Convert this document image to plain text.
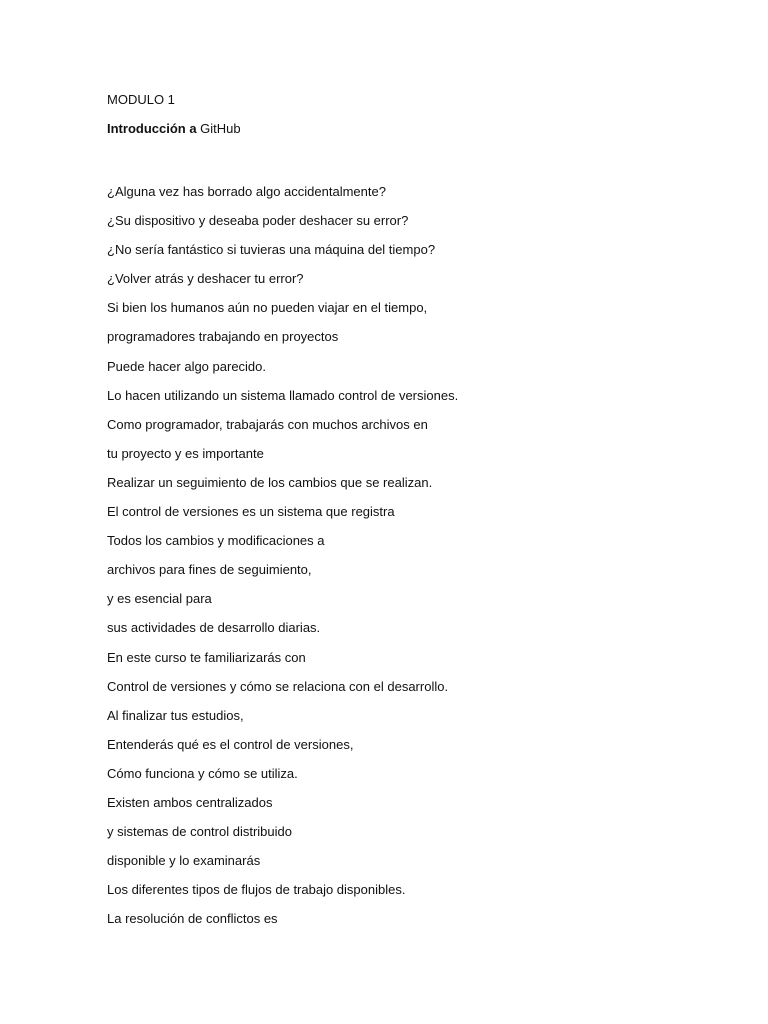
MODULO 1
Introducción a GitHub
¿Alguna vez has borrado algo accidentalmente?
¿Su dispositivo y deseaba poder deshacer su error?
¿No sería fantástico si tuvieras una máquina del tiempo?
¿Volver atrás y deshacer tu error?
Si bien los humanos aún no pueden viajar en el tiempo,
programadores trabajando en proyectos
Puede hacer algo parecido.
Lo hacen utilizando un sistema llamado control de versiones.
Como programador, trabajarás con muchos archivos en
tu proyecto y es importante
Realizar un seguimiento de los cambios que se realizan.
El control de versiones es un sistema que registra
Todos los cambios y modificaciones a
archivos para fines de seguimiento,
y es esencial para
sus actividades de desarrollo diarias.
En este curso te familiarizarás con
Control de versiones y cómo se relaciona con el desarrollo.
Al finalizar tus estudios,
Entenderás qué es el control de versiones,
Cómo funciona y cómo se utiliza.
Existen ambos centralizados
y sistemas de control distribuido
disponible y lo examinarás
Los diferentes tipos de flujos de trabajo disponibles.
La resolución de conflictos es
